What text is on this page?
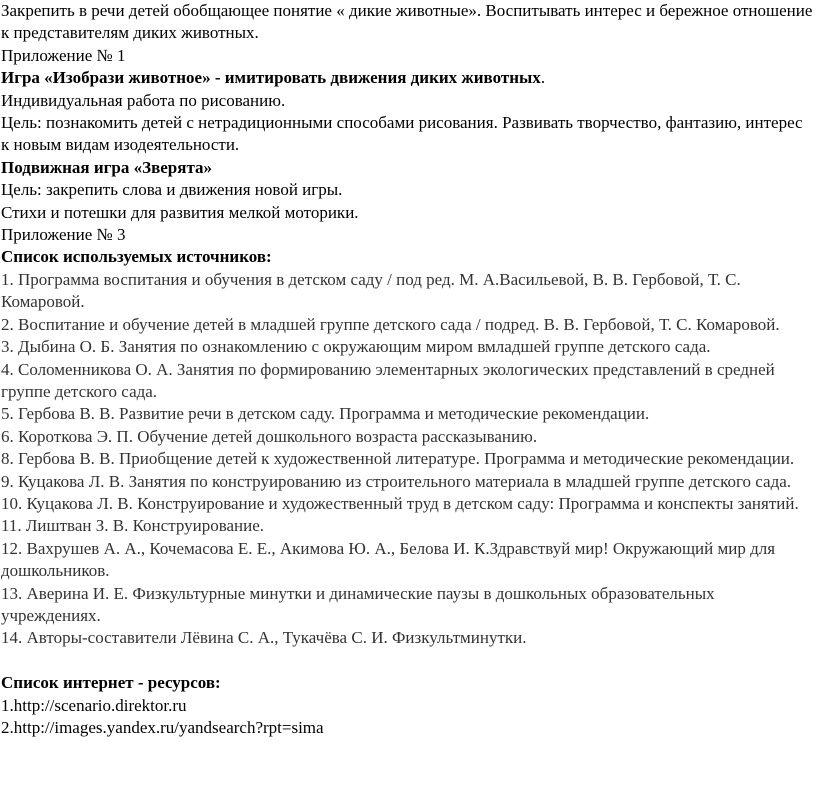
Закрепить в речи детей обобщающее понятие « дикие животные». Воспитывать интерес и бережное отношение к представителям диких животных.
Приложение № 1
Игра «Изобрази животное» - имитировать движения диких животных.
Индивидуальная работа по рисованию.
Цель: познакомить детей с нетрадиционными способами рисования. Развивать творчество, фантазию, интерес к новым видам изодеятельности.
Подвижная игра «Зверята»
Цель: закрепить слова и движения новой игры.
Стихи и потешки для развития мелкой моторики.
Приложение № 3
Список используемых источников:
1. Программа воспитания и обучения в детском саду / под ред. М. А.Васильевой, В. В. Гербовой, Т. С. Комаровой.
2. Воспитание и обучение детей в младшей группе детского сада / подред. В. В. Гербовой, Т. С. Комаровой.
3. Дыбина О. Б. Занятия по ознакомлению с окружающим миром вмладшей группе детского сада.
4. Соломенникова О. А. Занятия по формированию элементарных экологических представлений в средней группе детского сада.
5. Гербова В. В. Развитие речи в детском саду. Программа и методические рекомендации.
6. Короткова Э. П. Обучение детей дошкольного возраста рассказыванию.
8. Гербова В. В. Приобщение детей к художественной литературе. Программа и методические рекомендации.
9. Куцакова Л. В. Занятия по конструированию из строительного материала в младшей группе детского сада.
10. Куцакова Л. В. Конструирование и художественный труд в детском саду: Программа и конспекты занятий.
11. Лиштван З. В. Конструирование.
12. Вахрушев А. А., Кочемасова Е. Е., Акимова Ю. А., Белова И. К.Здравствуй мир! Окружающий мир для дошкольников.
13. Аверина И. Е. Физкультурные минутки и динамические паузы в дошкольных образовательных учреждениях.
14. Авторы-составители Лёвина С. А., Тукачёва С. И. Физкультминутки.
Список интернет - ресурсов:
1.http://scenario.direktor.ru
2.http://images.yandex.ru/yandsearch?rpt=sima
